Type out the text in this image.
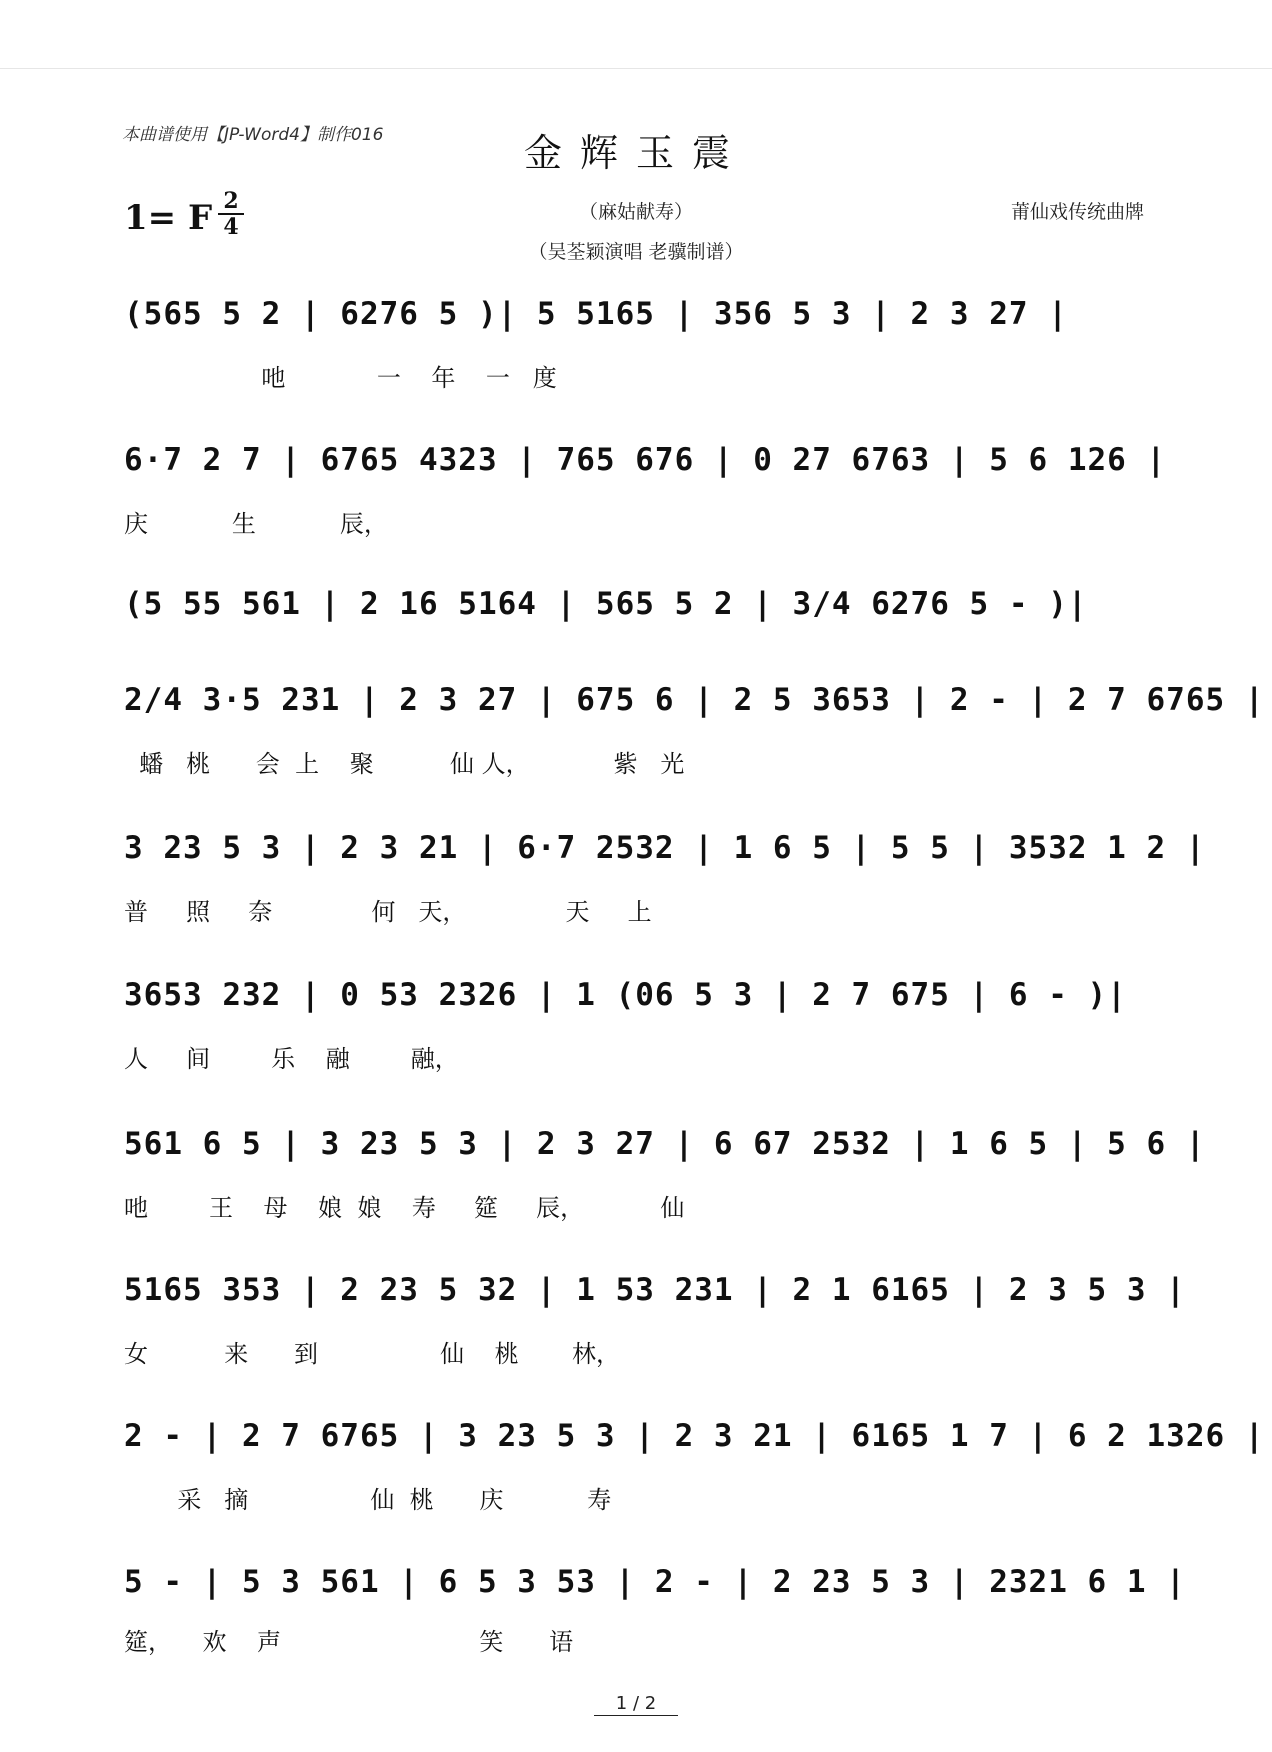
本曲谱使用【JP-Word4】制作016	金辉玉震
1= F 2
4
（麻姑献寿）
（吴荃颖演唱 老骥制谱）
莆仙戏传统曲牌
(565 5 2 | 6276 5 )| 5 5165 | 356 5 3 | 2 3 27 |
吔            一    年    一   度
6·7 2 7 | 6765 4323 | 765 676 | 0 27 6763 | 5 6 126 |
庆           生           辰，
(5 55 561 | 2 16 5164 | 565 5 2 | 3/4 6276 5 - )|
2/4 3·5 231 | 2 3 27 | 675 6 | 2 5 3653 | 2 - | 2 7 6765 |
蟠   桃      会  上    聚          仙 人，           紫   光
3 23 5 3 | 2 3 21 | 6·7 2532 | 1 6 5 | 5 5 | 3532 1 2 |
普     照     奈             何   天，             天     上
3653 232 | 0 53 2326 | 1 (06 5 3 | 2 7 675 | 6 - )|
人     间        乐    融        融，
561 6 5 | 3 23 5 3 | 2 3 27 | 6 67 2532 | 1 6 5 | 5 6 |
吔        王    母    娘  娘    寿     筵     辰，          仙
5165 353 | 2 23 5 32 | 1 53 231 | 2 1 6165 | 2 3 5 3 |
女          来      到                仙    桃       林，
2 - | 2 7 6765 | 3 23 5 3 | 2 3 21 | 6165 1 7 | 6 2 1326 |
采   摘                仙  桃      庆           寿
5 - | 5 3 561 | 6 5 3 53 | 2 - | 2 23 5 3 | 2321 6 1 |
筵，    欢    声                          笑      语
1 / 2
